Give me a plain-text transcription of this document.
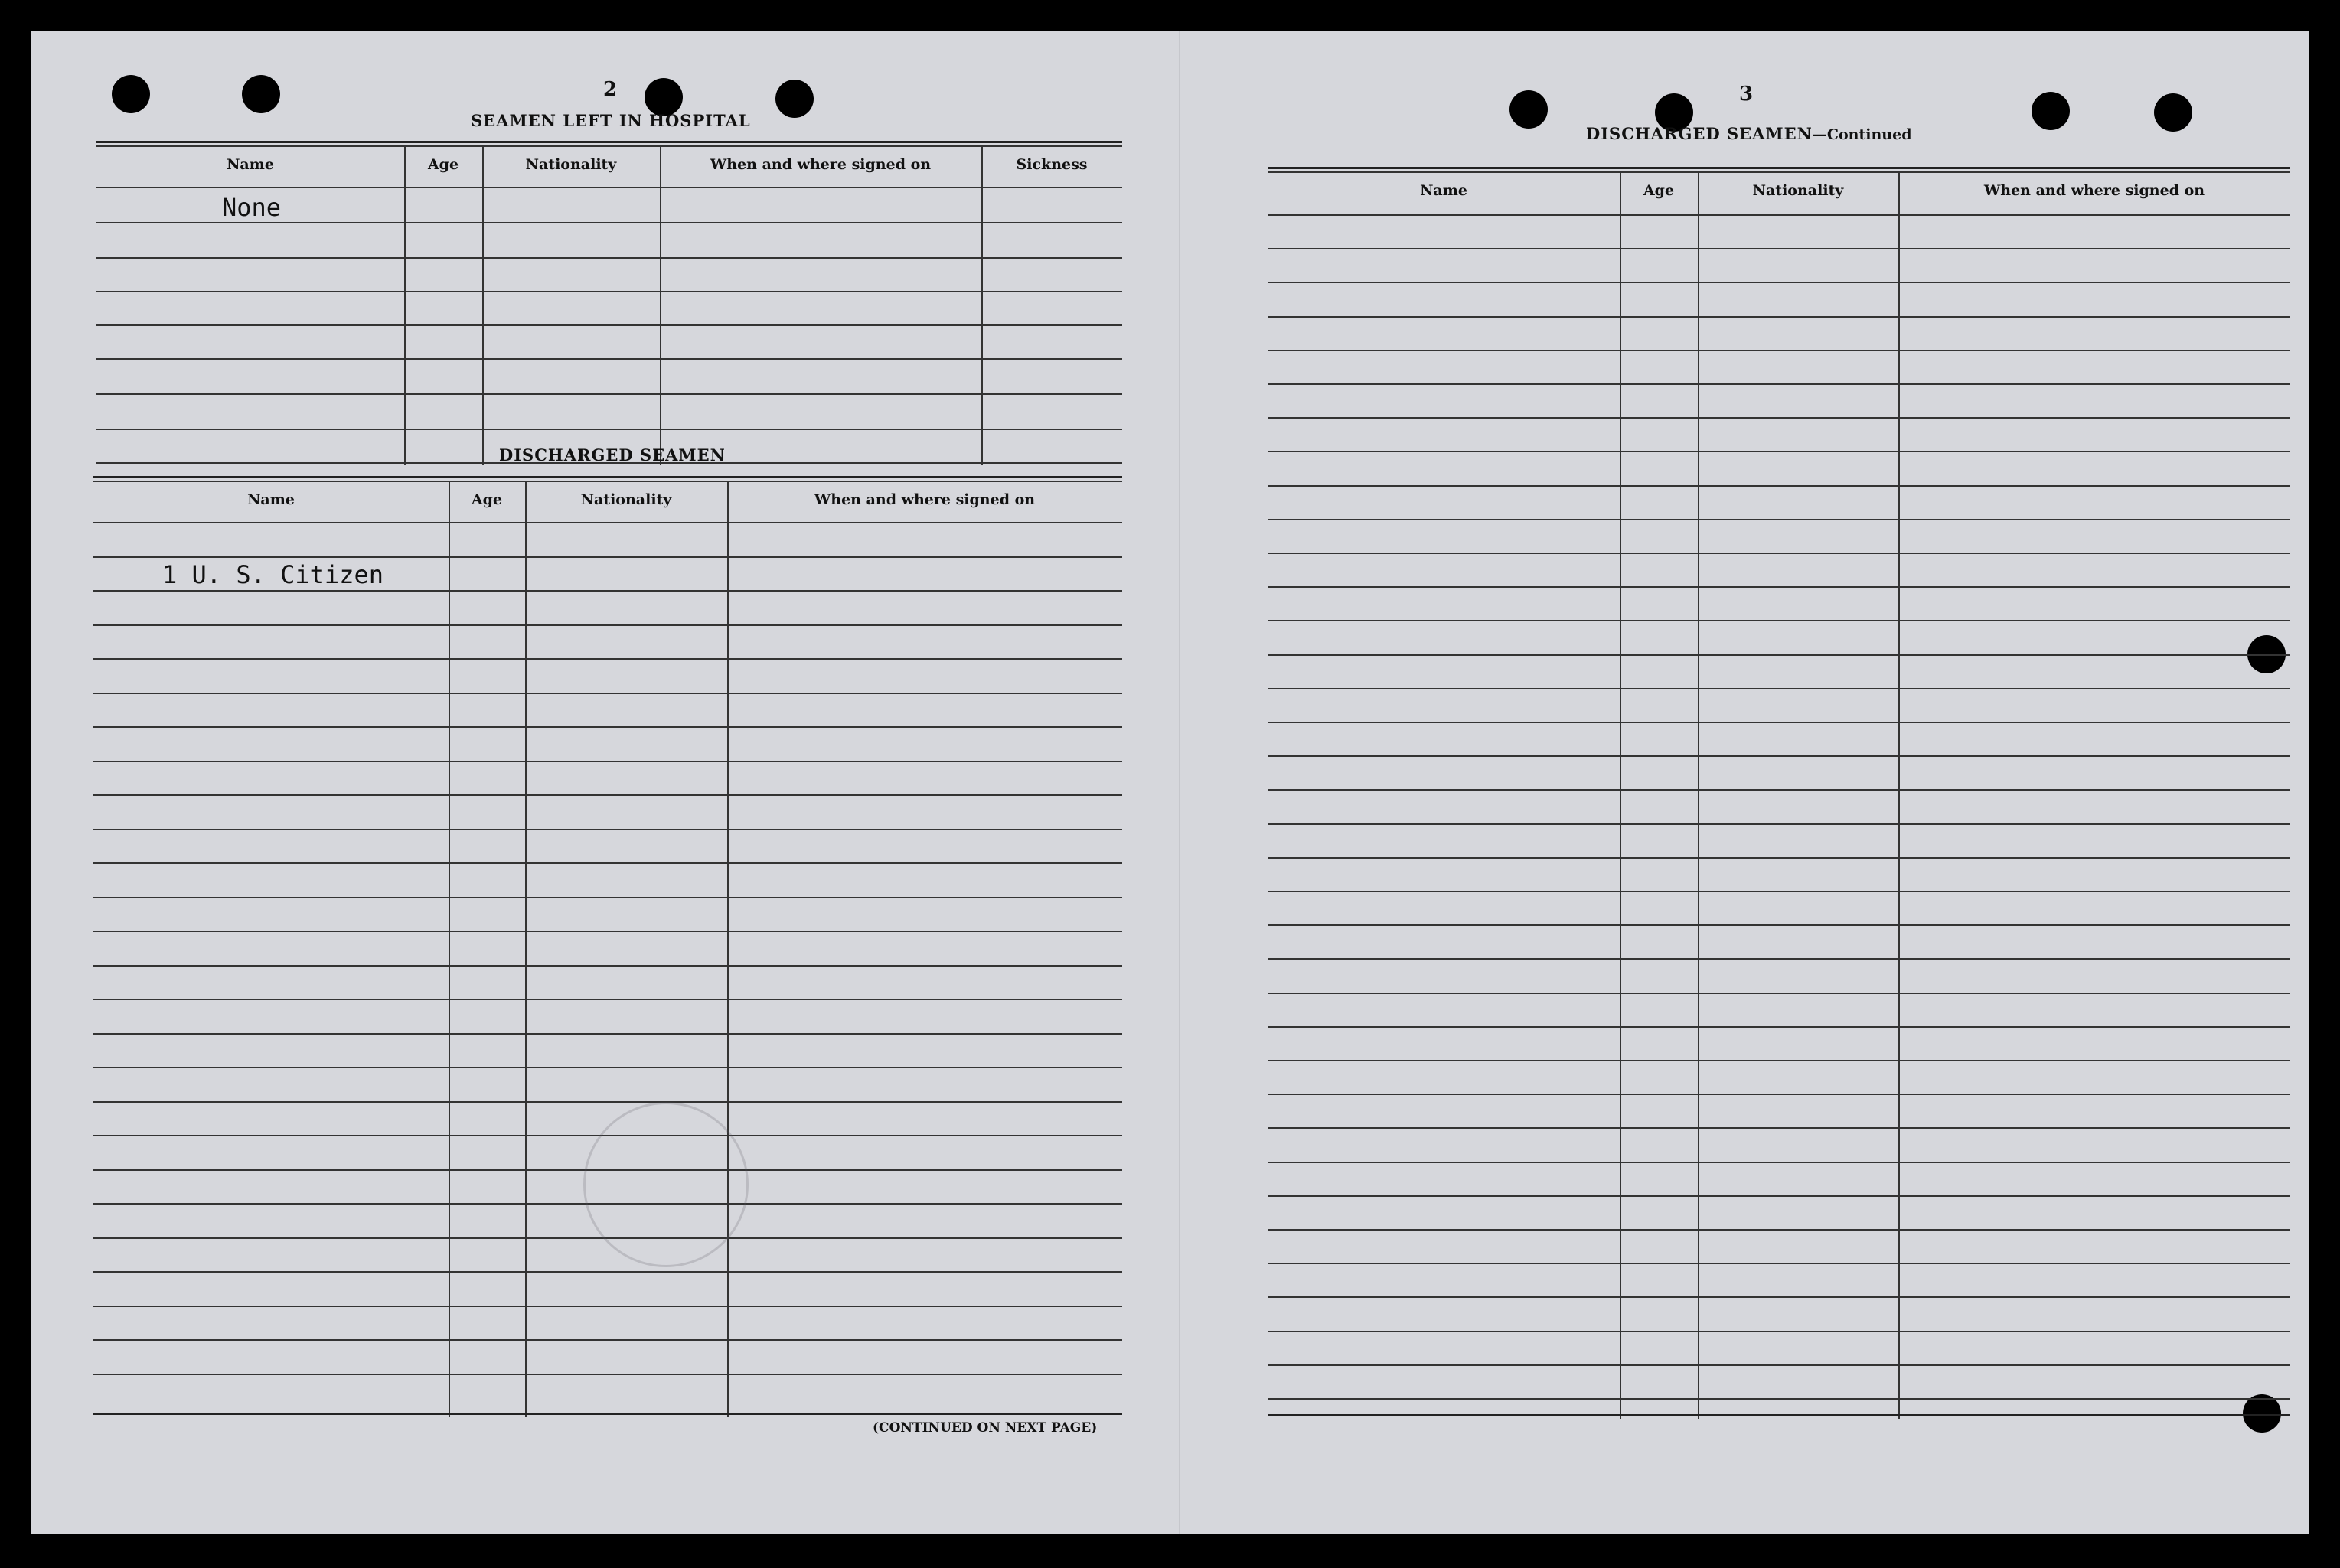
2
SEAMEN LEFT IN HOSPITAL
Name	Age	Nationality	When and where signed on	Sickness
None
DISCHARGED SEAMEN
Name	Age	Nationality	When and where signed on
1 U. S. Citizen
(CONTINUED ON NEXT PAGE)
3
DISCHARGED SEAMEN—Continued
Name	Age	Nationality	When and where signed on
